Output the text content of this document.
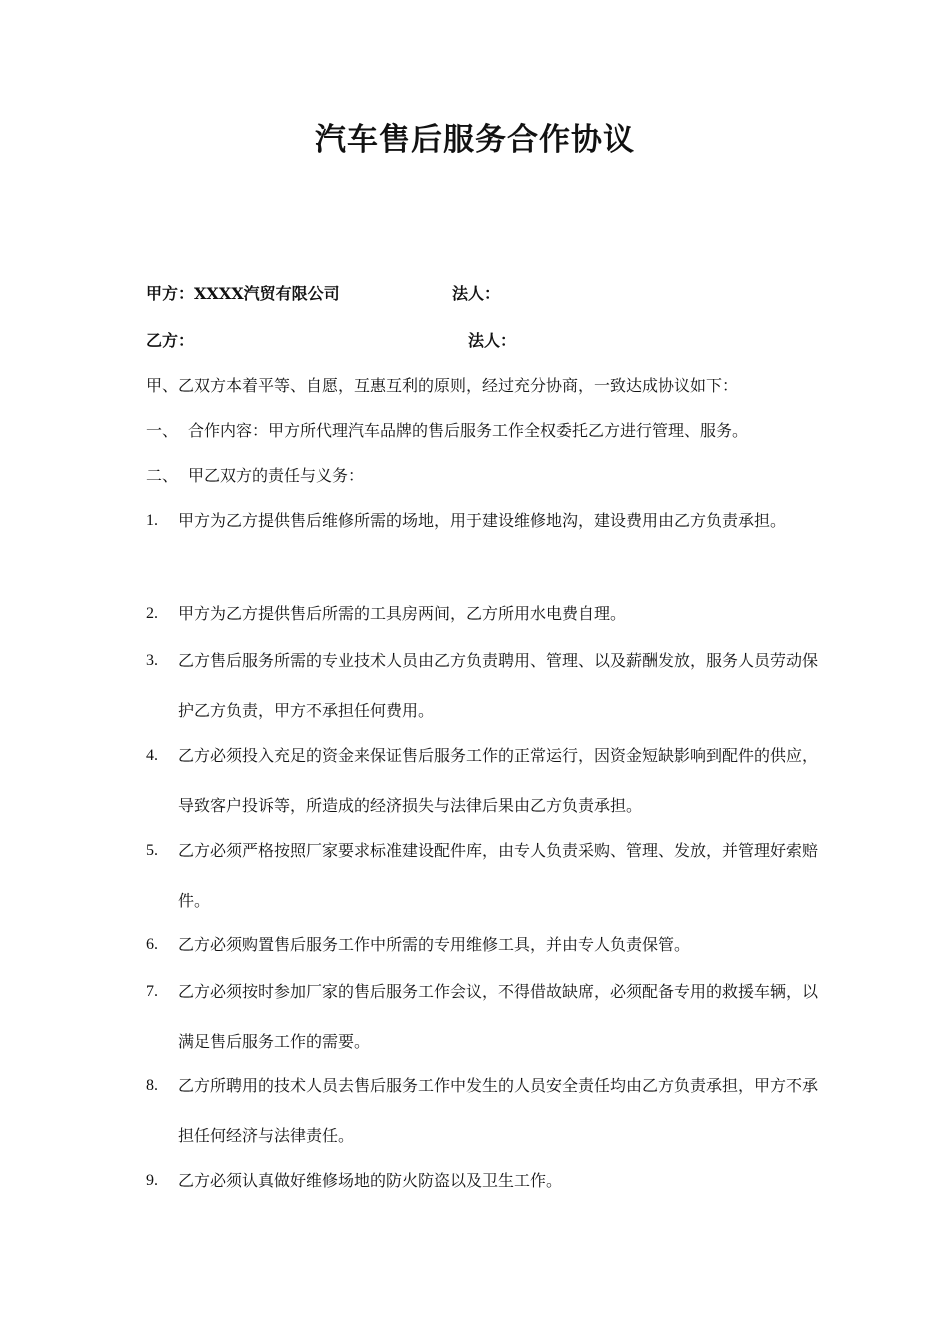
汽车售后服务合作协议
甲方：XXXX汽贸有限公司	法人：
乙方：	法人：
甲、乙双方本着平等、自愿，互惠互利的原则，经过充分协商，一致达成协议如下：
一、 合作内容：甲方所代理汽车品牌的售后服务工作全权委托乙方进行管理、服务。
二、 甲乙双方的责任与义务：
1. 甲方为乙方提供售后维修所需的场地，用于建设维修地沟，建设费用由乙方负责承担。
2. 甲方为乙方提供售后所需的工具房两间，乙方所用水电费自理。
3. 乙方售后服务所需的专业技术人员由乙方负责聘用、管理、以及薪酬发放，服务人员劳动保护乙方负责，甲方不承担任何费用。
4. 乙方必须投入充足的资金来保证售后服务工作的正常运行，因资金短缺影响到配件的供应，导致客户投诉等，所造成的经济损失与法律后果由乙方负责承担。
5. 乙方必须严格按照厂家要求标准建设配件库，由专人负责采购、管理、发放，并管理好索赔件。
6. 乙方必须购置售后服务工作中所需的专用维修工具，并由专人负责保管。
7. 乙方必须按时参加厂家的售后服务工作会议，不得借故缺席，必须配备专用的救援车辆，以满足售后服务工作的需要。
8. 乙方所聘用的技术人员去售后服务工作中发生的人员安全责任均由乙方负责承担，甲方不承担任何经济与法律责任。
9. 乙方必须认真做好维修场地的防火防盗以及卫生工作。
